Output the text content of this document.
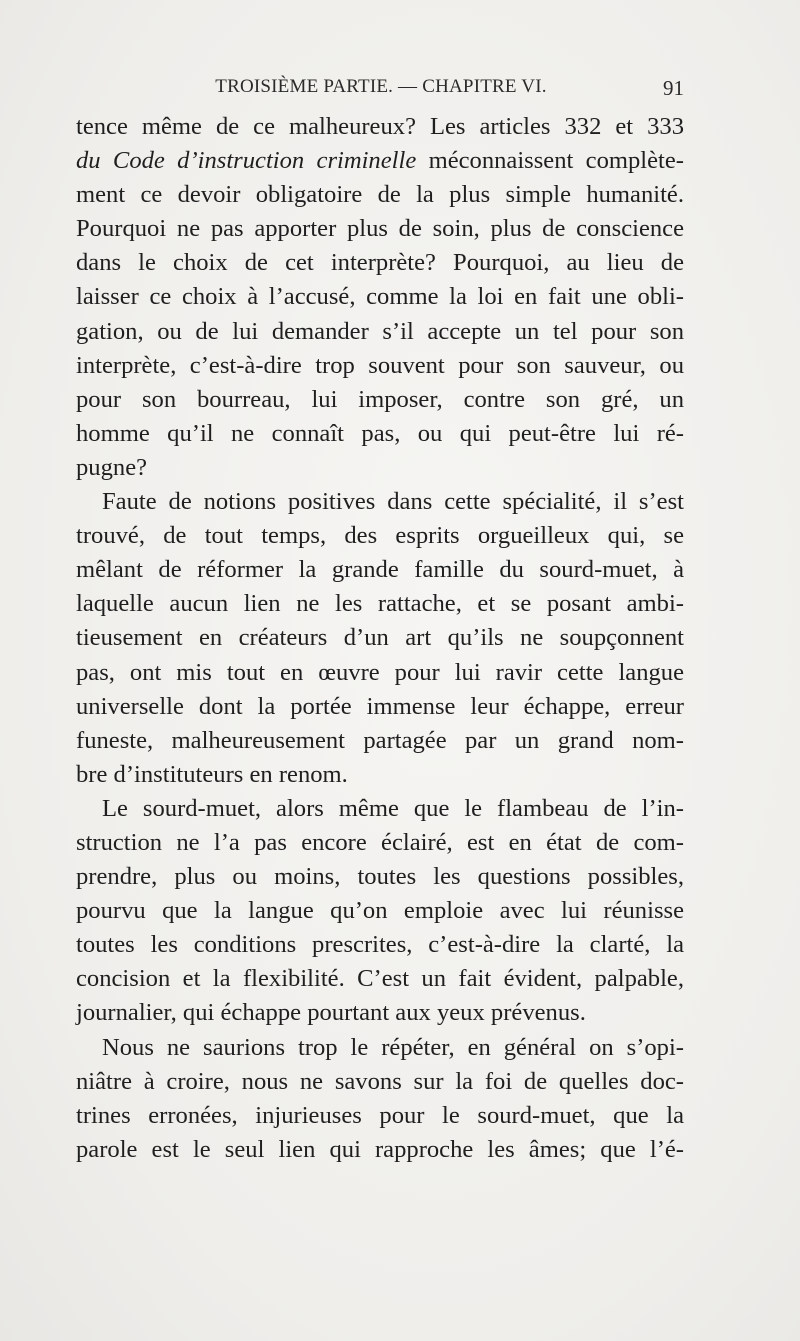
TROISIÈME PARTIE. — CHAPITRE VI.	91
tence même de ce malheureux? Les articles 332 et 333
du Code d’instruction criminelle méconnaissent complète-
ment ce devoir obligatoire de la plus simple humanité.
Pourquoi ne pas apporter plus de soin, plus de conscience
dans le choix de cet interprète? Pourquoi, au lieu de
laisser ce choix à l’accusé, comme la loi en fait une obli-
gation, ou de lui demander s’il accepte un tel pour son
interprète, c’est-à-dire trop souvent pour son sauveur, ou
pour son bourreau, lui imposer, contre son gré, un
homme qu’il ne connaît pas, ou qui peut-être lui ré-
pugne?
Faute de notions positives dans cette spécialité, il s’est
trouvé, de tout temps, des esprits orgueilleux qui, se
mêlant de réformer la grande famille du sourd-muet, à
laquelle aucun lien ne les rattache, et se posant ambi-
tieusement en créateurs d’un art qu’ils ne soupçonnent
pas, ont mis tout en œuvre pour lui ravir cette langue
universelle dont la portée immense leur échappe, erreur
funeste, malheureusement partagée par un grand nom-
bre d’instituteurs en renom.
Le sourd-muet, alors même que le flambeau de l’in-
struction ne l’a pas encore éclairé, est en état de com-
prendre, plus ou moins, toutes les questions possibles,
pourvu que la langue qu’on emploie avec lui réunisse
toutes les conditions prescrites, c’est-à-dire la clarté, la
concision et la flexibilité. C’est un fait évident, palpable,
journalier, qui échappe pourtant aux yeux prévenus.
Nous ne saurions trop le répéter, en général on s’opi-
niâtre à croire, nous ne savons sur la foi de quelles doc-
trines erronées, injurieuses pour le sourd-muet, que la
parole est le seul lien qui rapproche les âmes; que l’é-
